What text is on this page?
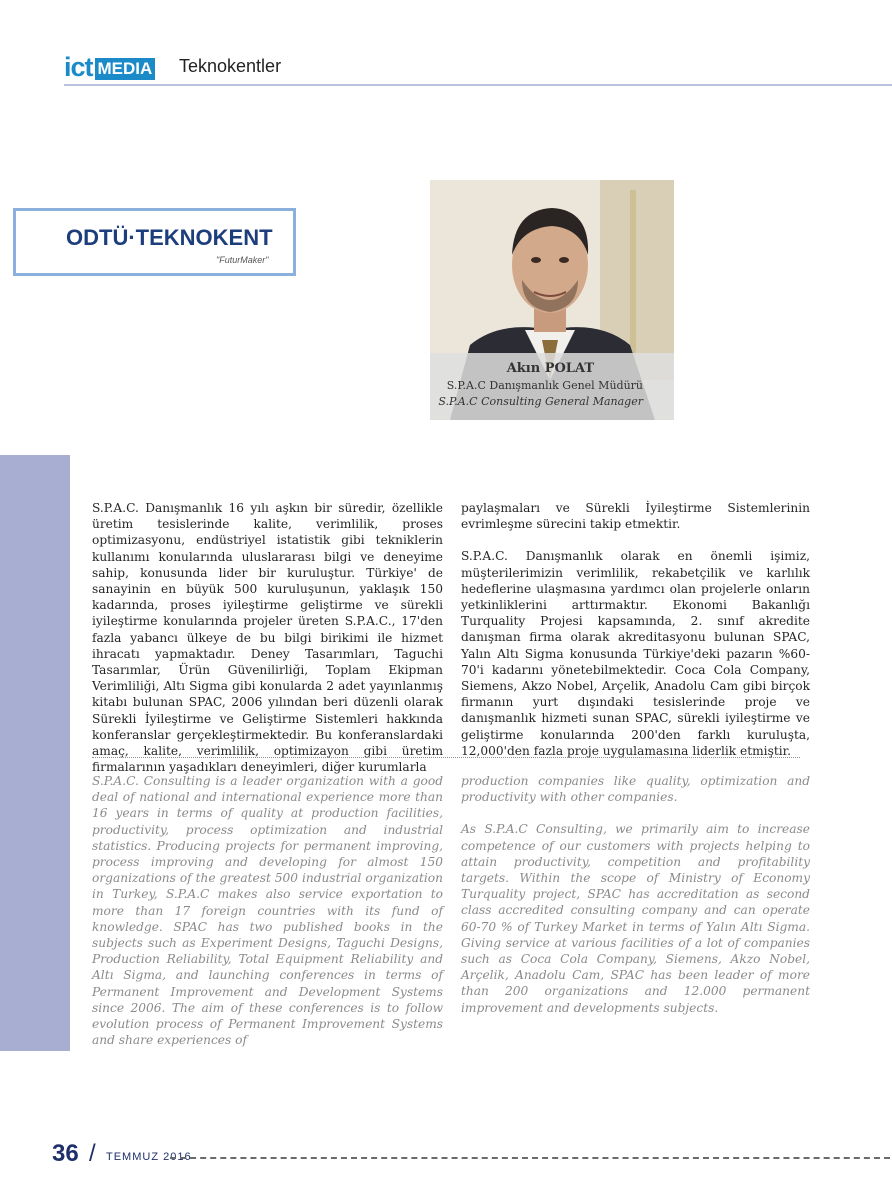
ict MEDIA Teknokentler
ODTÜ·TEKNOKENT
"FuturMaker"
Akın POLAT
S.P.A.C Danışmanlık Genel Müdürü
S.P.A.C Consulting General Manager

S.P.A.C. Danışmanlık 16 yılı aşkın bir süredir, özellikle üretim tesislerinde kalite, verimlilik, proses optimizasyonu, endüstriyel istatistik gibi tekniklerin kullanımı konularında uluslararası bilgi ve deneyime sahip, konusunda lider bir kuruluştur. Türkiye' de sanayinin en büyük 500 kuruluşunun, yaklaşık 150 kadarında, proses iyileştirme geliştirme ve sürekli iyileştirme konularında projeler üreten S.P.A.C., 17'den fazla yabancı ülkeye de bu bilgi birikimi ile hizmet ihracatı yapmaktadır. Deney Tasarımları, Taguchi Tasarımlar, Ürün Güvenilirliği, Toplam Ekipman Verimliliği, Altı Sigma gibi konularda 2 adet yayınlanmış kitabı bulunan SPAC, 2006 yılından beri düzenli olarak Sürekli İyileştirme ve Geliştirme Sistemleri hakkında konferanslar gerçekleştirmektedir. Bu konferanslardaki amaç, kalite, verimlilik, optimizayon gibi üretim firmalarının yaşadıkları deneyimleri, diğer kurumlarla

paylaşmaları ve Sürekli İyileştirme Sistemlerinin evrimleşme sürecini takip etmektir.

S.P.A.C. Danışmanlık olarak en önemli işimiz, müşterilerimizin verimlilik, rekabetçilik ve karlılık hedeflerine ulaşmasına yardımcı olan projelerle onların yetkinliklerini arttırmaktır. Ekonomi Bakanlığı Turquality Projesi kapsamında, 2. sınıf akredite danışman firma olarak akreditasyonu bulunan SPAC, Yalın Altı Sigma konusunda Türkiye'deki pazarın %60-70'i kadarını yönetebilmektedir. Coca Cola Company, Siemens, Akzo Nobel, Arçelik, Anadolu Cam gibi birçok firmanın yurt dışındaki tesislerinde proje ve danışmanlık hizmeti sunan SPAC, sürekli iyileştirme ve geliştirme konularında 200'den farklı kuruluşta, 12,000'den fazla proje uygulamasına liderlik etmiştir.

S.P.A.C. Consulting is a leader organization with a good deal of national and international experience more than 16 years in terms of quality at production facilities, productivity, process optimization and industrial statistics. Producing projects for permanent improving, process improving and developing for almost 150 organizations of the greatest 500 industrial organization in Turkey, S.P.A.C makes also service exportation to more than 17 foreign countries with its fund of knowledge. SPAC has two published books in the subjects such as Experiment Designs, Taguchi Designs, Production Reliability, Total Equipment Reliability and Altı Sigma, and launching conferences in terms of Permanent Improvement and Development Systems since 2006. The aim of these conferences is to follow evolution process of Permanent Improvement Systems and share experiences of

production companies like quality, optimization and productivity with other companies.

As S.P.A.C Consulting, we primarily aim to increase competence of our customers with projects helping to attain productivity, competition and profitability targets. Within the scope of Ministry of Economy Turquality project, SPAC has accreditation as second class accredited consulting company and can operate 60-70 % of Turkey Market in terms of Yalın Altı Sigma. Giving service at various facilities of a lot of companies such as Coca Cola Company, Siemens, Akzo Nobel, Arçelik, Anadolu Cam, SPAC has been leader of more than 200 organizations and 12.000 permanent improvement and developments subjects.

36 / TEMMUZ 2016
